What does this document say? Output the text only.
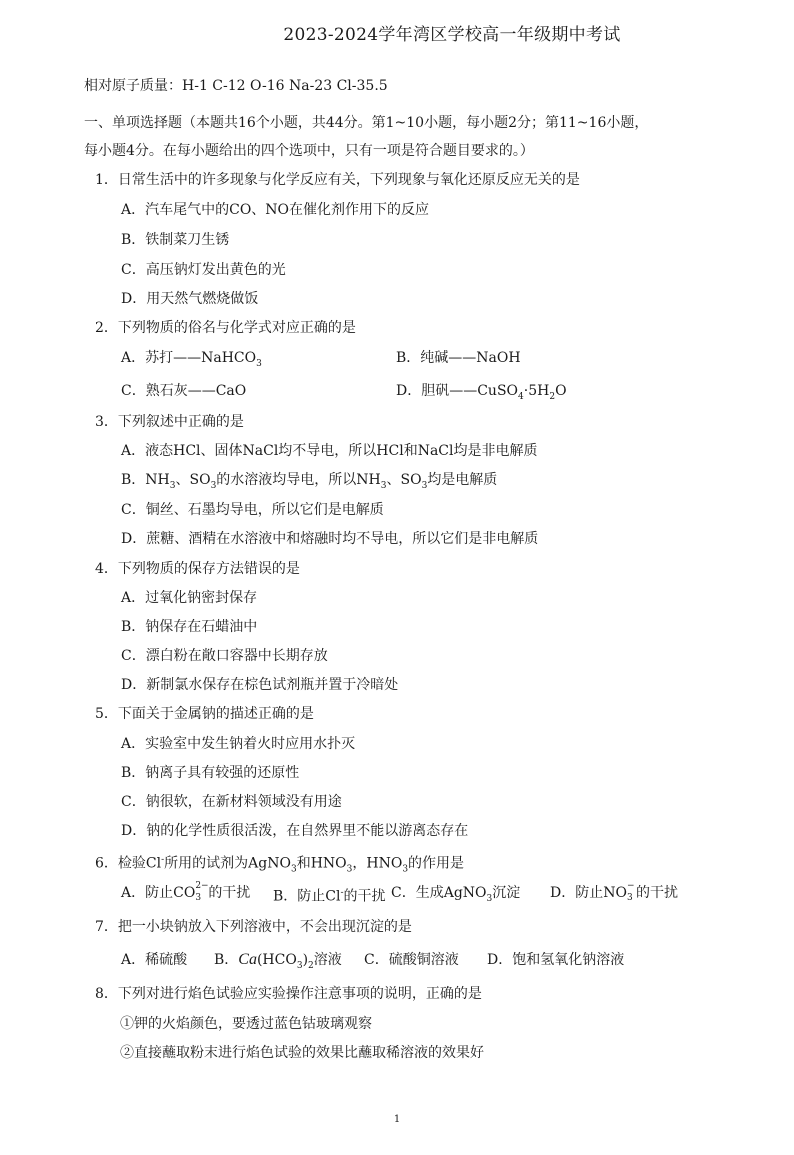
2023-2024学年湾区学校高一年级期中考试
相对原子质量：H-1 C-12 O-16 Na-23 Cl-35.5
一、单项选择题（本题共16个小题，共44分。第1~10小题，每小题2分；第11~16小题，
每小题4分。在每小题给出的四个选项中，只有一项是符合题目要求的。）
1．日常生活中的许多现象与化学反应有关，下列现象与氧化还原反应无关的是
A．汽车尾气中的CO、NO在催化剂作用下的反应
B．铁制菜刀生锈
C．高压钠灯发出黄色的光
D．用天然气燃烧做饭
2．下列物质的俗名与化学式对应正确的是
A．苏打——NaHCO$_3$	B．纯碱——NaOH
C．熟石灰——CaO	D．胆矾$——CuSO_4\cdot 5H_2O$
3．下列叙述中正确的是
A．液态HCl、固体NaCl均不导电，所以HCl和NaCl均是非电解质
B．$NH_3$、$SO_3$的水溶液均导电，所以$NH_3$、$SO_3$均是电解质
C．铜丝、石墨均导电，所以它们是电解质
D．蔗糖、酒精在水溶液中和熔融时均不导电，所以它们是非电解质
4．下列物质的保存方法错误的是
A．过氧化钠密封保存
B．钠保存在石蜡油中
C．漂白粉在敞口容器中长期存放
D．新制氯水保存在棕色试剂瓶并置于冷暗处
5．下面关于金属钠的描述正确的是
A．实验室中发生钠着火时应用水扑灭
B．钠离子具有较强的还原性
C．钠很软，在新材料领域没有用途
D．钠的化学性质很活泼，在自然界里不能以游离态存在
6．检验Cl-所用的试剂为AgNO$_3$和$HNO_3$，$HNO_3$的作用是
A．防止CO 2−
3 的干扰 B．防止Cl-的干扰 C．生成AgNO$_3$沉淀 D．防止NO −
3 的干扰
7．把一小块钠放入下列溶液中，不会出现沉淀的是
A．稀硫酸 B．$Ca(HCO_3)_2$溶液 C．硫酸铜溶液 D．饱和氢氧化钠溶液
8．下列对进行焰色试验应实验操作注意事项的说明，正确的是
①钾的火焰颜色，要透过蓝色钴玻璃观察
②直接蘸取粉末进行焰色试验的效果比蘸取稀溶液的效果好
1
